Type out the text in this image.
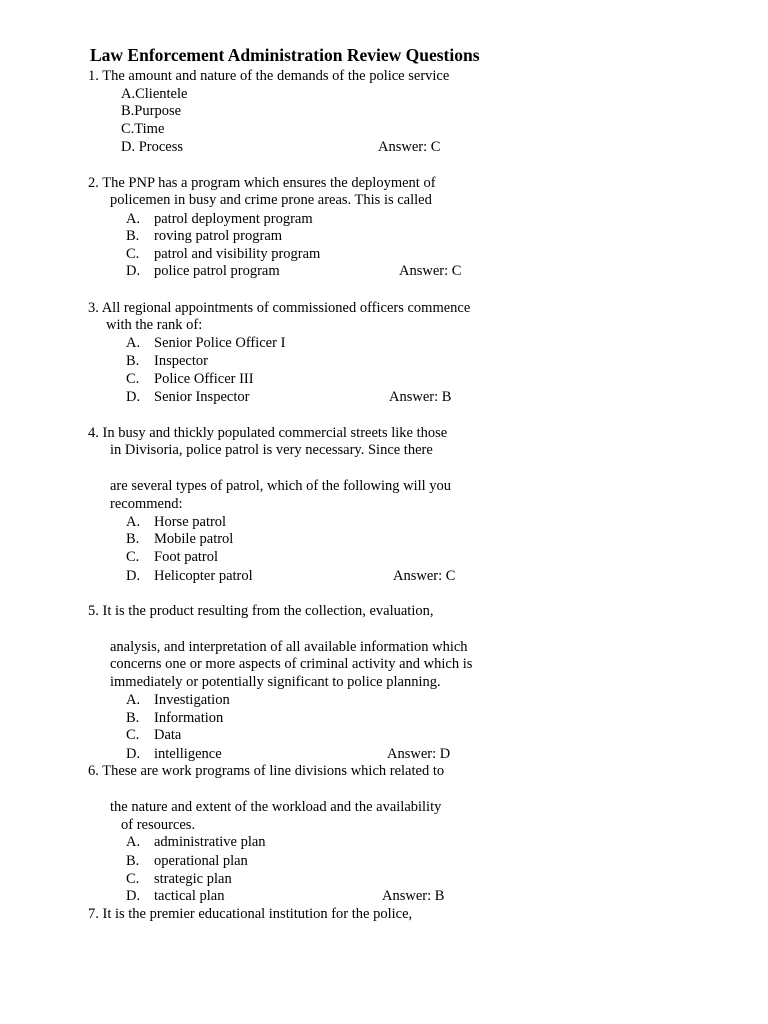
Law Enforcement Administration Review Questions
1. The amount and nature of the demands of the police service
A.Clientele
B.Purpose
C.Time
D. Process	Answer: C
2. The PNP has a program which ensures the deployment of
policemen in busy and crime prone areas. This is called
A. patrol deployment program
B. roving patrol program
C. patrol and visibility program
D. police patrol program	Answer: C
3. All regional appointments of commissioned officers commence
with the rank of:
A. Senior Police Officer I
B. Inspector
C. Police Officer III
D. Senior Inspector	Answer: B
4. In busy and thickly populated commercial streets like those
in Divisoria, police patrol is very necessary. Since there
are several types of patrol, which of the following will you
recommend:
A. Horse patrol
B. Mobile patrol
C. Foot patrol
D. Helicopter patrol	Answer: C
5. It is the product resulting from the collection, evaluation,
analysis, and interpretation of all available information which
concerns one or more aspects of criminal activity and which is
immediately or potentially significant to police planning.
A. Investigation
B. Information
C. Data
D. intelligence	Answer: D
6. These are work programs of line divisions which related to
the nature and extent of the workload and the availability
of resources.
A. administrative plan
B. operational plan
C. strategic plan
D. tactical plan	Answer: B
7. It is the premier educational institution for the police,
